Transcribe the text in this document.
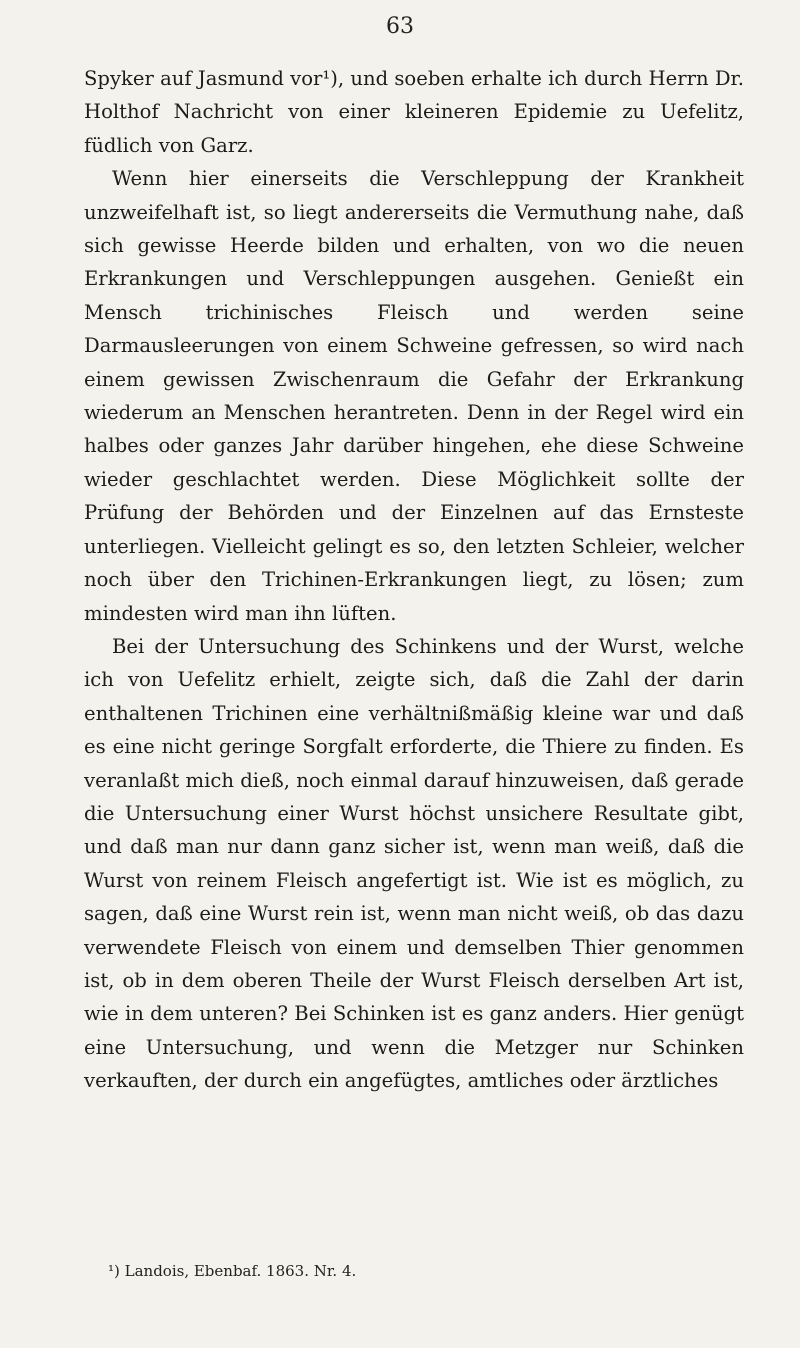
63

Spyker auf Jasmund vor¹), und soeben erhalte ich durch Herrn Dr. Holthof Nachricht von einer kleineren Epidemie zu Uefelitz, füdlich von Garz.

Wenn hier einerseits die Verschleppung der Krankheit unzweifelhaft ist, so liegt andererseits die Vermuthung nahe, daß sich gewisse Heerde bilden und erhalten, von wo die neuen Erkrankungen und Verschleppungen ausgehen. Genießt ein Mensch trichinisches Fleisch und werden seine Darmausleerungen von einem Schweine gefressen, so wird nach einem gewissen Zwischenraum die Gefahr der Erkrankung wiederum an Menschen herantreten. Denn in der Regel wird ein halbes oder ganzes Jahr darüber hingehen, ehe diese Schweine wieder geschlachtet werden. Diese Möglichkeit sollte der Prüfung der Behörden und der Einzelnen auf das Ernsteste unterliegen. Vielleicht gelingt es so, den letzten Schleier, welcher noch über den Trichinen-Erkrankungen liegt, zu lösen; zum mindesten wird man ihn lüften.

Bei der Untersuchung des Schinkens und der Wurst, welche ich von Uefelitz erhielt, zeigte sich, daß die Zahl der darin enthaltenen Trichinen eine verhältnißmäßig kleine war und daß es eine nicht geringe Sorgfalt erforderte, die Thiere zu finden. Es veranlaßt mich dieß, noch einmal darauf hinzuweisen, daß gerade die Untersuchung einer Wurst höchst unsichere Resultate gibt, und daß man nur dann ganz sicher ist, wenn man weiß, daß die Wurst von reinem Fleisch angefertigt ist. Wie ist es möglich, zu sagen, daß eine Wurst rein ist, wenn man nicht weiß, ob das dazu verwendete Fleisch von einem und demselben Thier genommen ist, ob in dem oberen Theile der Wurst Fleisch derselben Art ist, wie in dem unteren? Bei Schinken ist es ganz anders. Hier genügt eine Untersuchung, und wenn die Metzger nur Schinken verkauften, der durch ein angefügtes, amtliches oder ärztliches

¹) Landois, Ebenbaf. 1863. Nr. 4.
